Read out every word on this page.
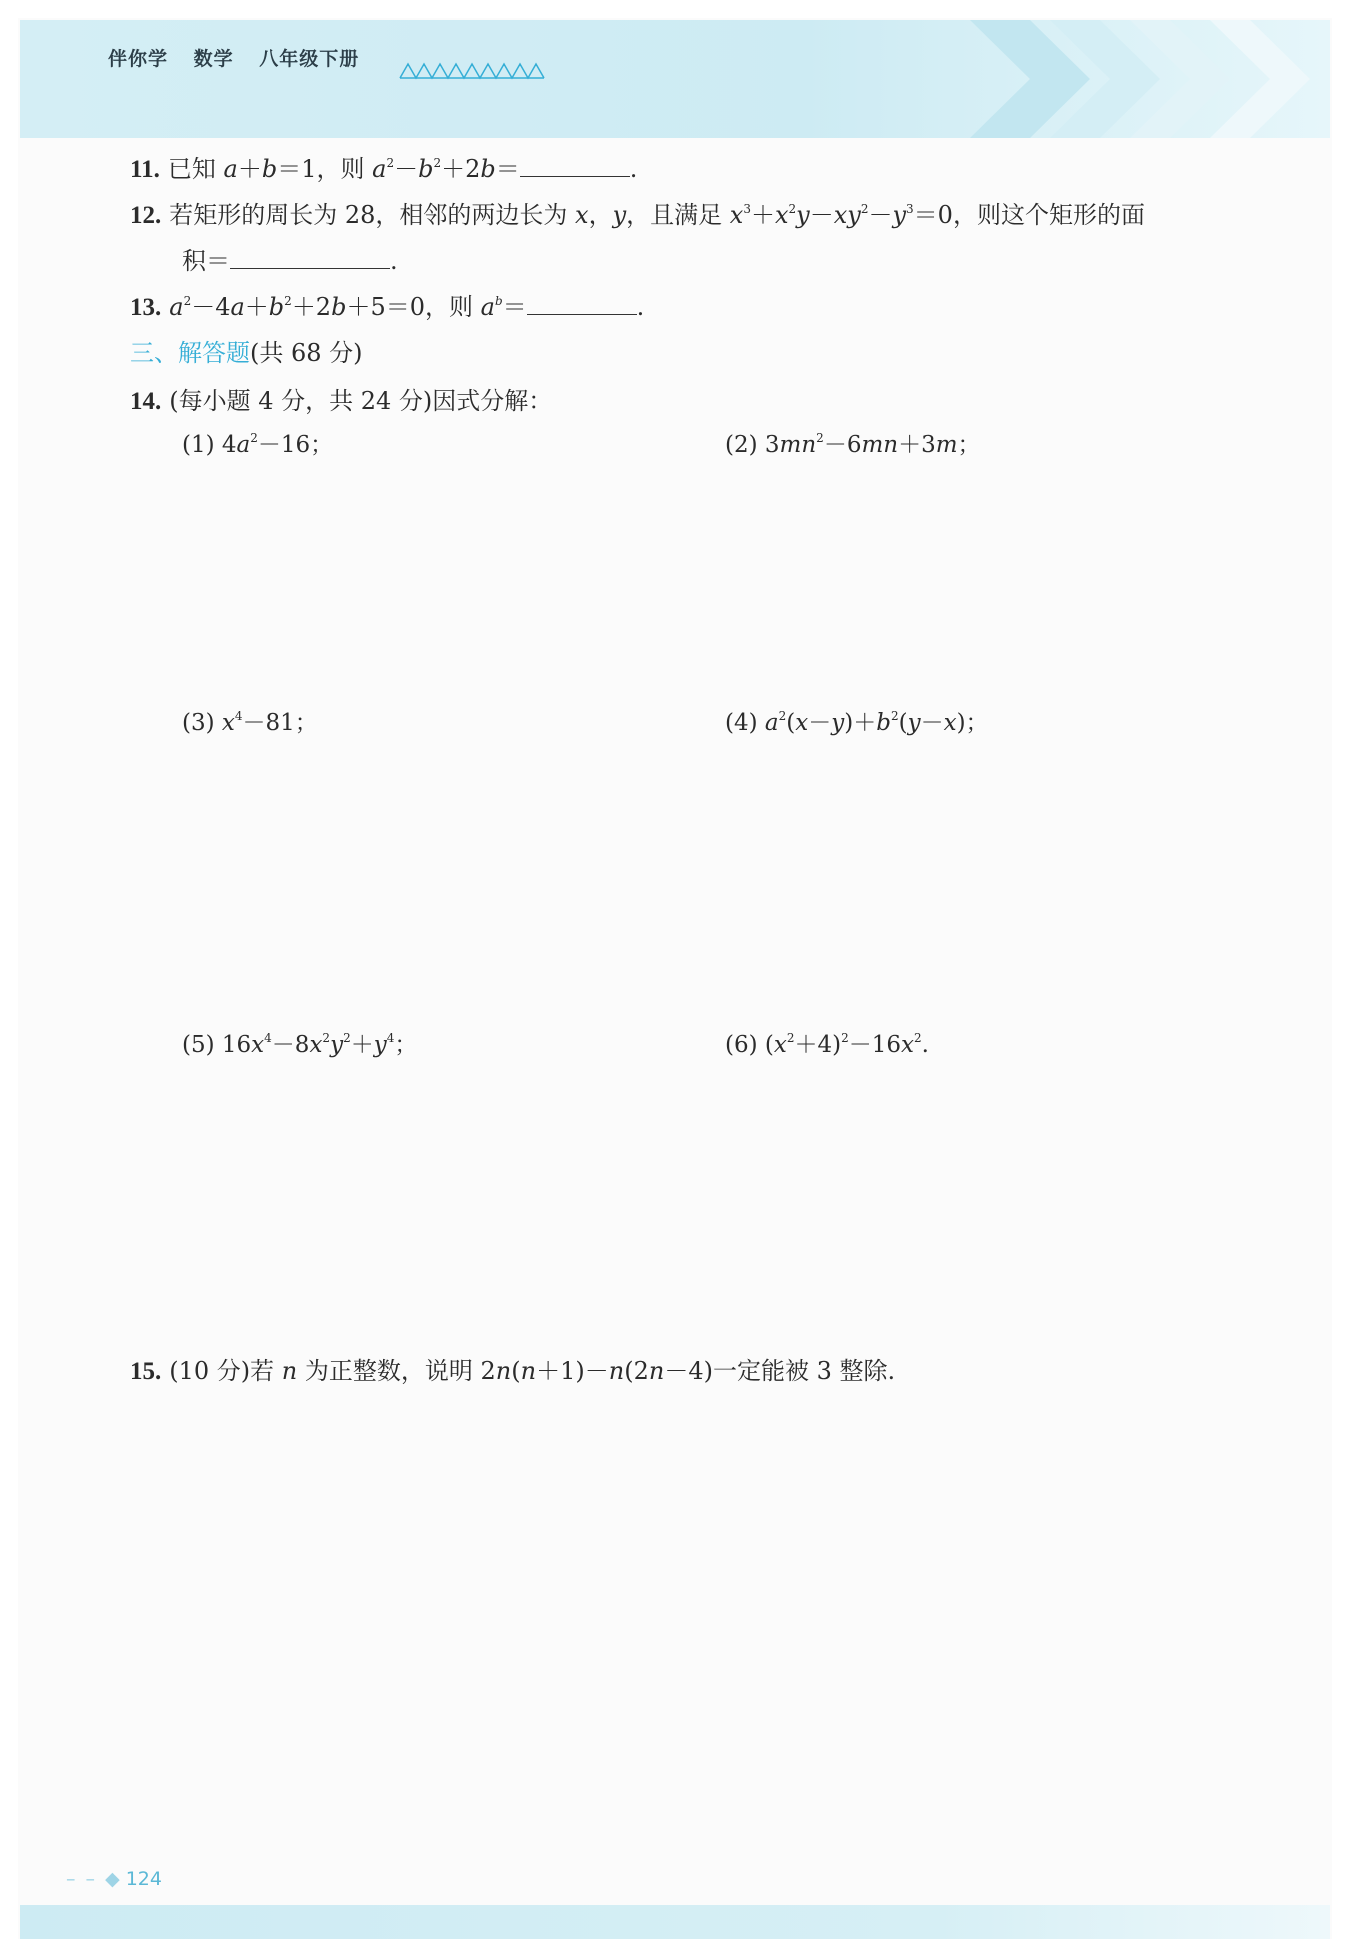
伴你学 数学 八年级下册
11. 已知 a＋b＝1，则 $a^2-b^2+2b=$	.
12. 若矩形的周长为 28，相邻的两边长为 x，y，且满足 $x^3+x^2y-xy^2-y^3=0$，则这个矩形的面
积＝	.
13. $a^2-4a+b^2+2b+5=0$，则 $a^b=$	.
三、解答题(共 68 分)
14. (每小题 4 分，共 24 分)因式分解：
(1) $4a^2-16$；	(2) $3mn^2-6mn+3m$；
(3) $x^4-81$；	(4) $a^2(x-y)+b^2(y-x)$；
(5) $16x^4-8x^2y^2+y^4$；	(6) $(x^2+4)^2-16x^2$.
15. (10 分)若 n 为正整数，说明 2n(n＋1)－n(2n－4)一定能被 3 整除.
– – ◆ 124
